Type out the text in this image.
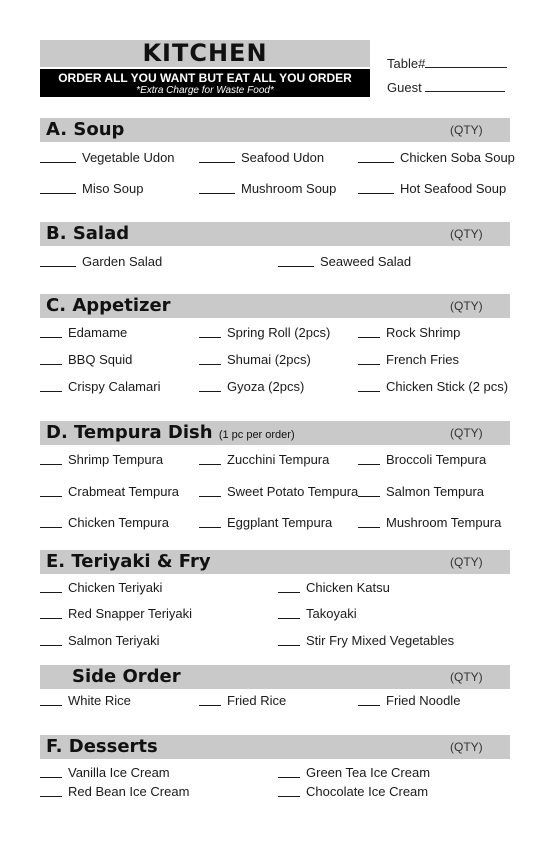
KITCHEN
ORDER ALL YOU WANT BUT EAT ALL YOU ORDER
*Extra Charge for Waste Food*
Table#
Guest
A. Soup	(QTY)
Vegetable Udon	Seafood Udon	Chicken Soba Soup
Miso Soup	Mushroom Soup	Hot Seafood Soup
B. Salad	(QTY)
Garden Salad	Seaweed Salad
C. Appetizer	(QTY)
Edamame	Spring Roll (2pcs)	Rock Shrimp
BBQ Squid	Shumai (2pcs)	French Fries
Crispy Calamari	Gyoza (2pcs)	Chicken Stick (2 pcs)
D. Tempura Dish (1 pc per order)	(QTY)
Shrimp Tempura	Zucchini Tempura	Broccoli Tempura
Crabmeat Tempura	Sweet Potato Tempura	Salmon Tempura
Chicken Tempura	Eggplant Tempura	Mushroom Tempura
E. Teriyaki & Fry	(QTY)
Chicken Teriyaki	Chicken Katsu
Red Snapper Teriyaki	Takoyaki
Salmon Teriyaki	Stir Fry Mixed Vegetables
Side Order	(QTY)
White Rice	Fried Rice	Fried Noodle
F. Desserts	(QTY)
Vanilla Ice Cream	Green Tea Ice Cream
Red Bean Ice Cream	Chocolate Ice Cream
